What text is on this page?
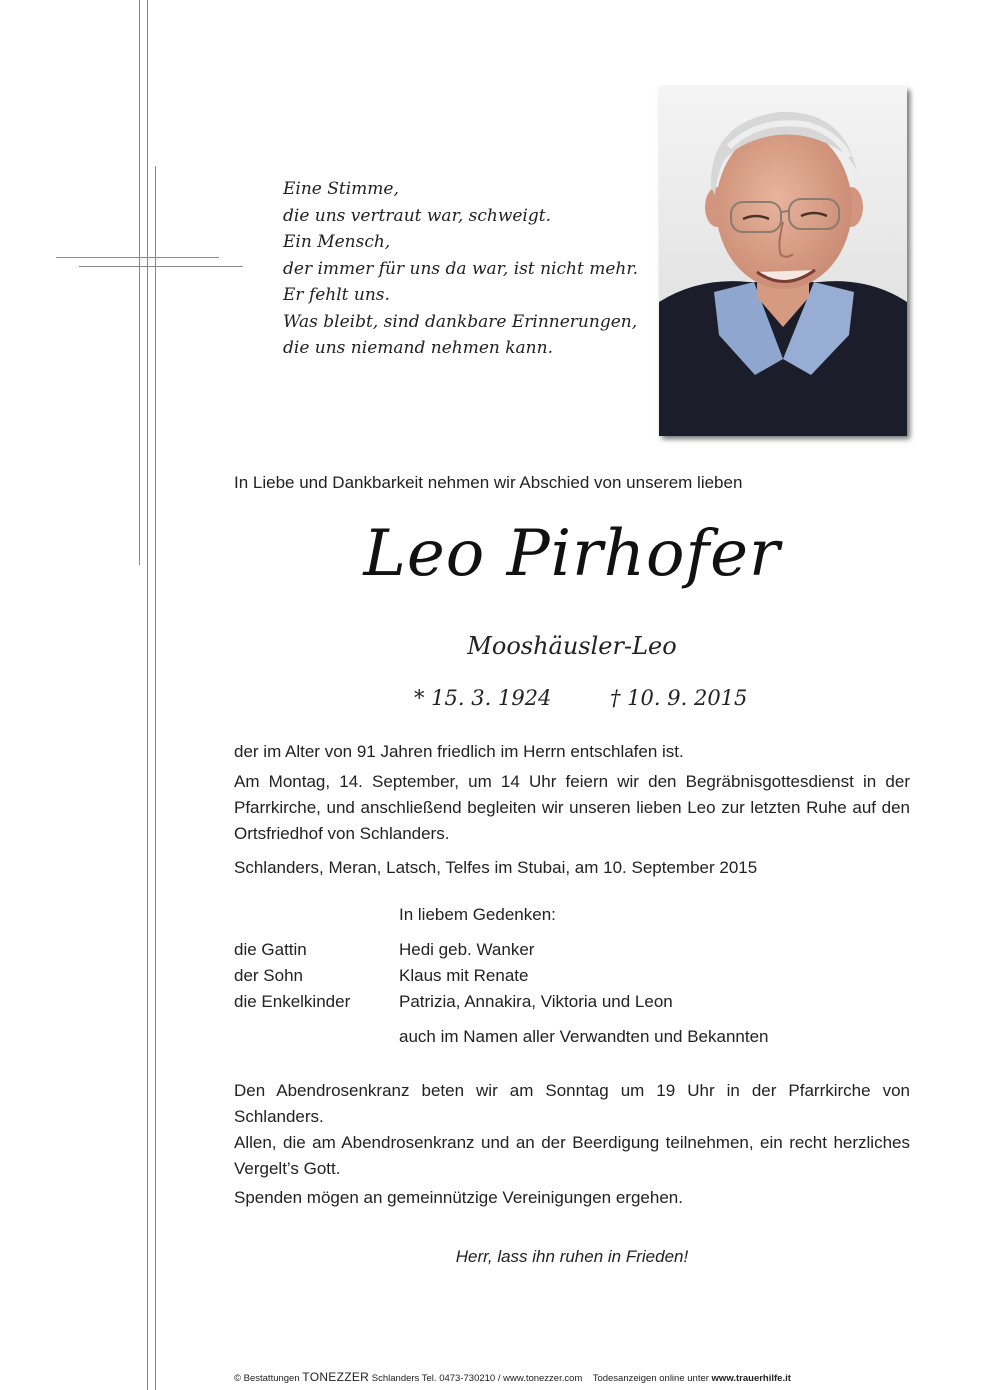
Eine Stimme,
die uns vertraut war, schweigt.
Ein Mensch,
der immer für uns da war, ist nicht mehr.
Er fehlt uns.
Was bleibt, sind dankbare Erinnerungen,
die uns niemand nehmen kann.
In Liebe und Dankbarkeit nehmen wir Abschied von unserem lieben
Leo Pirhofer
Mooshäusler-Leo
* 15. 3. 1924	† 10. 9. 2015
der im Alter von 91 Jahren friedlich im Herrn entschlafen ist.
Am Montag, 14. September, um 14 Uhr feiern wir den Begräbnisgottesdienst in der Pfarrkirche, und anschließend begleiten wir unseren lieben Leo zur letzten Ruhe auf den Ortsfriedhof von Schlanders.
Schlanders, Meran, Latsch, Telfes im Stubai, am 10. September 2015
In liebem Gedenken:
die Gattin	Hedi geb. Wanker
der Sohn	Klaus mit Renate
die Enkelkinder	Patrizia, Annakira, Viktoria und Leon
auch im Namen aller Verwandten und Bekannten
Den Abendrosenkranz beten wir am Sonntag um 19 Uhr in der Pfarrkirche von Schlanders.
Allen, die am Abendrosenkranz und an der Beerdigung teilnehmen, ein recht herzliches Vergelt’s Gott.
Spenden mögen an gemeinnützige Vereinigungen ergehen.
Herr, lass ihn ruhen in Frieden!
© Bestattungen TONEZZER Schlanders Tel. 0473-730210 / www.tonezzer.com Todesanzeigen online unter www.trauerhilfe.it
